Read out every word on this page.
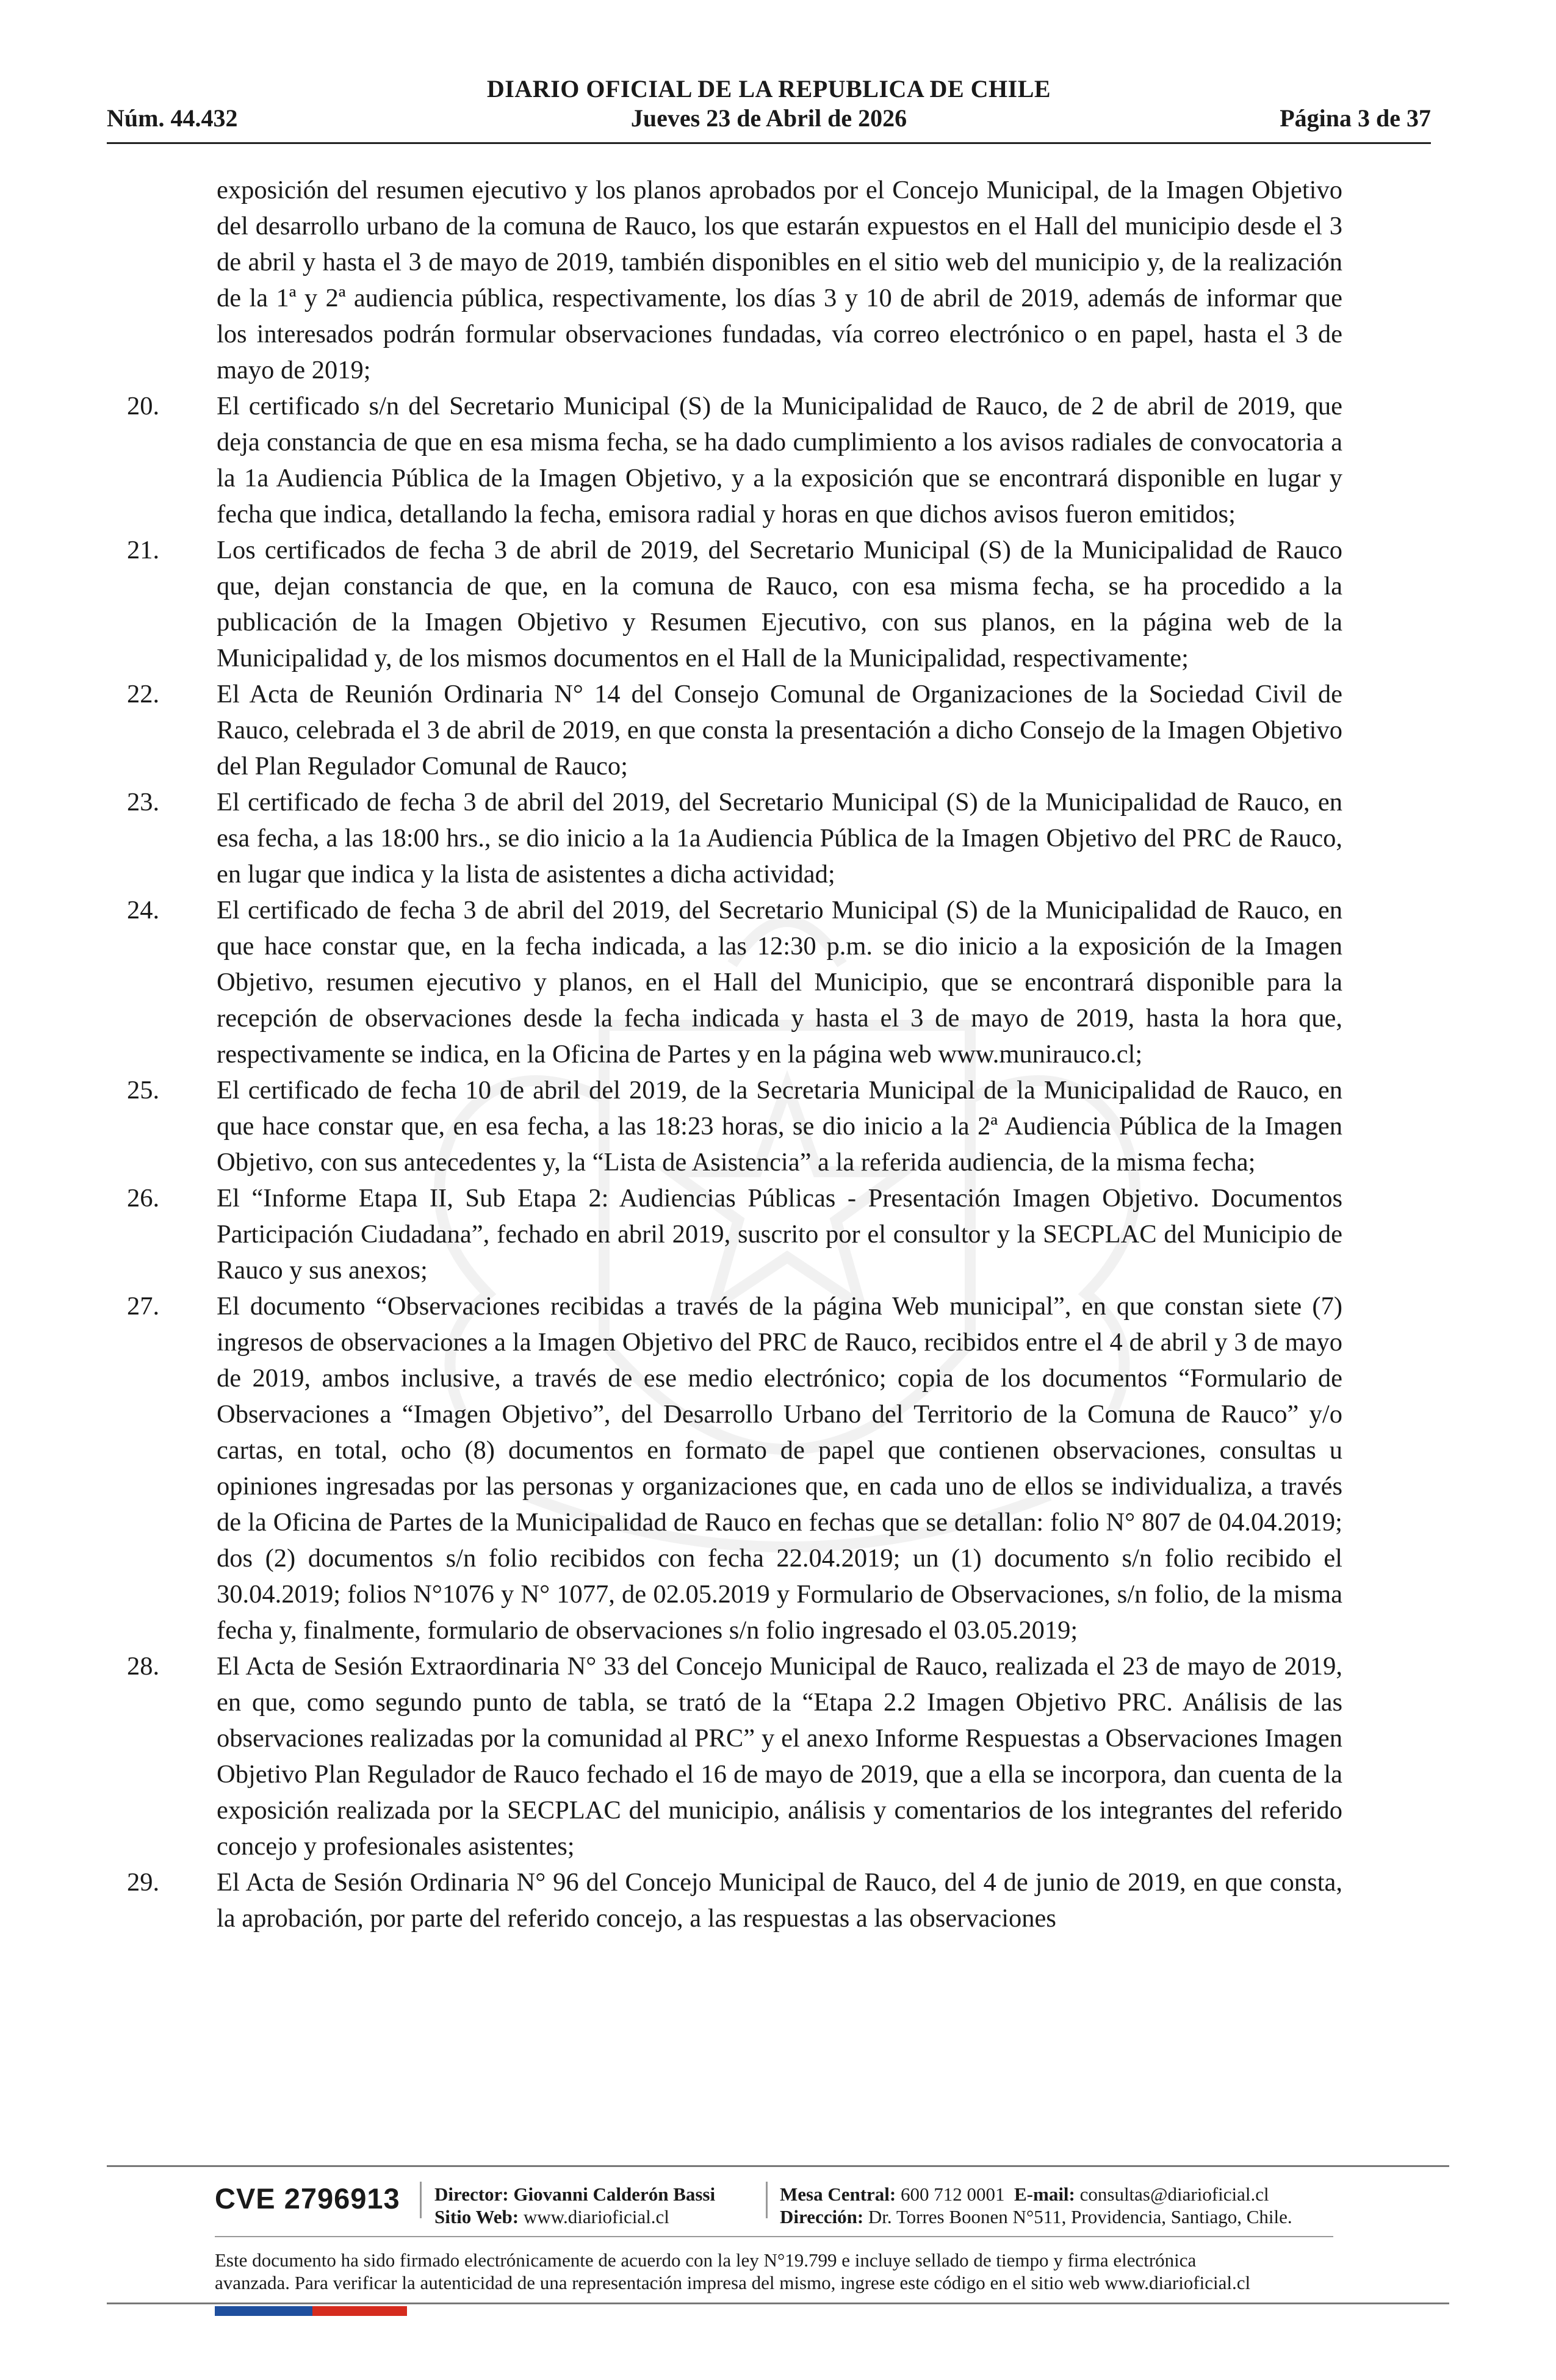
DIARIO OFICIAL DE LA REPUBLICA DE CHILE
Núm. 44.432	Jueves 23 de Abril de 2026	Página 3 de 37

exposición del resumen ejecutivo y los planos aprobados por el Concejo Municipal, de la Imagen Objetivo del desarrollo urbano de la comuna de Rauco, los que estarán expuestos en el Hall del municipio desde el 3 de abril y hasta el 3 de mayo de 2019, también disponibles en el sitio web del municipio y, de la realización de la 1ª y 2ª audiencia pública, respectivamente, los días 3 y 10 de abril de 2019, además de informar que los interesados podrán formular observaciones fundadas, vía correo electrónico o en papel, hasta el 3 de mayo de 2019;

20.	El certificado s/n del Secretario Municipal (S) de la Municipalidad de Rauco, de 2 de abril de 2019, que deja constancia de que en esa misma fecha, se ha dado cumplimiento a los avisos radiales de convocatoria a la 1a Audiencia Pública de la Imagen Objetivo, y a la exposición que se encontrará disponible en lugar y fecha que indica, detallando la fecha, emisora radial y horas en que dichos avisos fueron emitidos;

21.	Los certificados de fecha 3 de abril de 2019, del Secretario Municipal (S) de la Municipalidad de Rauco que, dejan constancia de que, en la comuna de Rauco, con esa misma fecha, se ha procedido a la publicación de la Imagen Objetivo y Resumen Ejecutivo, con sus planos, en la página web de la Municipalidad y, de los mismos documentos en el Hall de la Municipalidad, respectivamente;

22.	El Acta de Reunión Ordinaria N° 14 del Consejo Comunal de Organizaciones de la Sociedad Civil de Rauco, celebrada el 3 de abril de 2019, en que consta la presentación a dicho Consejo de la Imagen Objetivo del Plan Regulador Comunal de Rauco;

23.	El certificado de fecha 3 de abril del 2019, del Secretario Municipal (S) de la Municipalidad de Rauco, en esa fecha, a las 18:00 hrs., se dio inicio a la 1a Audiencia Pública de la Imagen Objetivo del PRC de Rauco, en lugar que indica y la lista de asistentes a dicha actividad;

24.	El certificado de fecha 3 de abril del 2019, del Secretario Municipal (S) de la Municipalidad de Rauco, en que hace constar que, en la fecha indicada, a las 12:30 p.m. se dio inicio a la exposición de la Imagen Objetivo, resumen ejecutivo y planos, en el Hall del Municipio, que se encontrará disponible para la recepción de observaciones desde la fecha indicada y hasta el 3 de mayo de 2019, hasta la hora que, respectivamente se indica, en la Oficina de Partes y en la página web www.munirauco.cl;

25.	El certificado de fecha 10 de abril del 2019, de la Secretaria Municipal de la Municipalidad de Rauco, en que hace constar que, en esa fecha, a las 18:23 horas, se dio inicio a la 2ª Audiencia Pública de la Imagen Objetivo, con sus antecedentes y, la “Lista de Asistencia” a la referida audiencia, de la misma fecha;

26.	El “Informe Etapa II, Sub Etapa 2: Audiencias Públicas - Presentación Imagen Objetivo. Documentos Participación Ciudadana”, fechado en abril 2019, suscrito por el consultor y la SECPLAC del Municipio de Rauco y sus anexos;

27.	El documento “Observaciones recibidas a través de la página Web municipal”, en que constan siete (7) ingresos de observaciones a la Imagen Objetivo del PRC de Rauco, recibidos entre el 4 de abril y 3 de mayo de 2019, ambos inclusive, a través de ese medio electrónico; copia de los documentos “Formulario de Observaciones a “Imagen Objetivo”, del Desarrollo Urbano del Territorio de la Comuna de Rauco” y/o cartas, en total, ocho (8) documentos en formato de papel que contienen observaciones, consultas u opiniones ingresadas por las personas y organizaciones que, en cada uno de ellos se individualiza, a través de la Oficina de Partes de la Municipalidad de Rauco en fechas que se detallan: folio N° 807 de 04.04.2019; dos (2) documentos s/n folio recibidos con fecha 22.04.2019; un (1) documento s/n folio recibido el 30.04.2019; folios N°1076 y N° 1077, de 02.05.2019 y Formulario de Observaciones, s/n folio, de la misma fecha y, finalmente, formulario de observaciones s/n folio ingresado el 03.05.2019;

28.	El Acta de Sesión Extraordinaria N° 33 del Concejo Municipal de Rauco, realizada el 23 de mayo de 2019, en que, como segundo punto de tabla, se trató de la “Etapa 2.2 Imagen Objetivo PRC. Análisis de las observaciones realizadas por la comunidad al PRC” y el anexo Informe Respuestas a Observaciones Imagen Objetivo Plan Regulador de Rauco fechado el 16 de mayo de 2019, que a ella se incorpora, dan cuenta de la exposición realizada por la SECPLAC del municipio, análisis y comentarios de los integrantes del referido concejo y profesionales asistentes;

29.	El Acta de Sesión Ordinaria N° 96 del Concejo Municipal de Rauco, del 4 de junio de 2019, en que consta, la aprobación, por parte del referido concejo, a las respuestas a las observaciones

CVE 2796913 Director: Giovanni Calderón Bassi
Sitio Web: www.diarioficial.cl
Mesa Central: 600 712 0001 E-mail: consultas@diarioficial.cl
Dirección: Dr. Torres Boonen N°511, Providencia, Santiago, Chile.
Este documento ha sido firmado electrónicamente de acuerdo con la ley N°19.799 e incluye sellado de tiempo y firma electrónica
avanzada. Para verificar la autenticidad de una representación impresa del mismo, ingrese este código en el sitio web www.diarioficial.cl
